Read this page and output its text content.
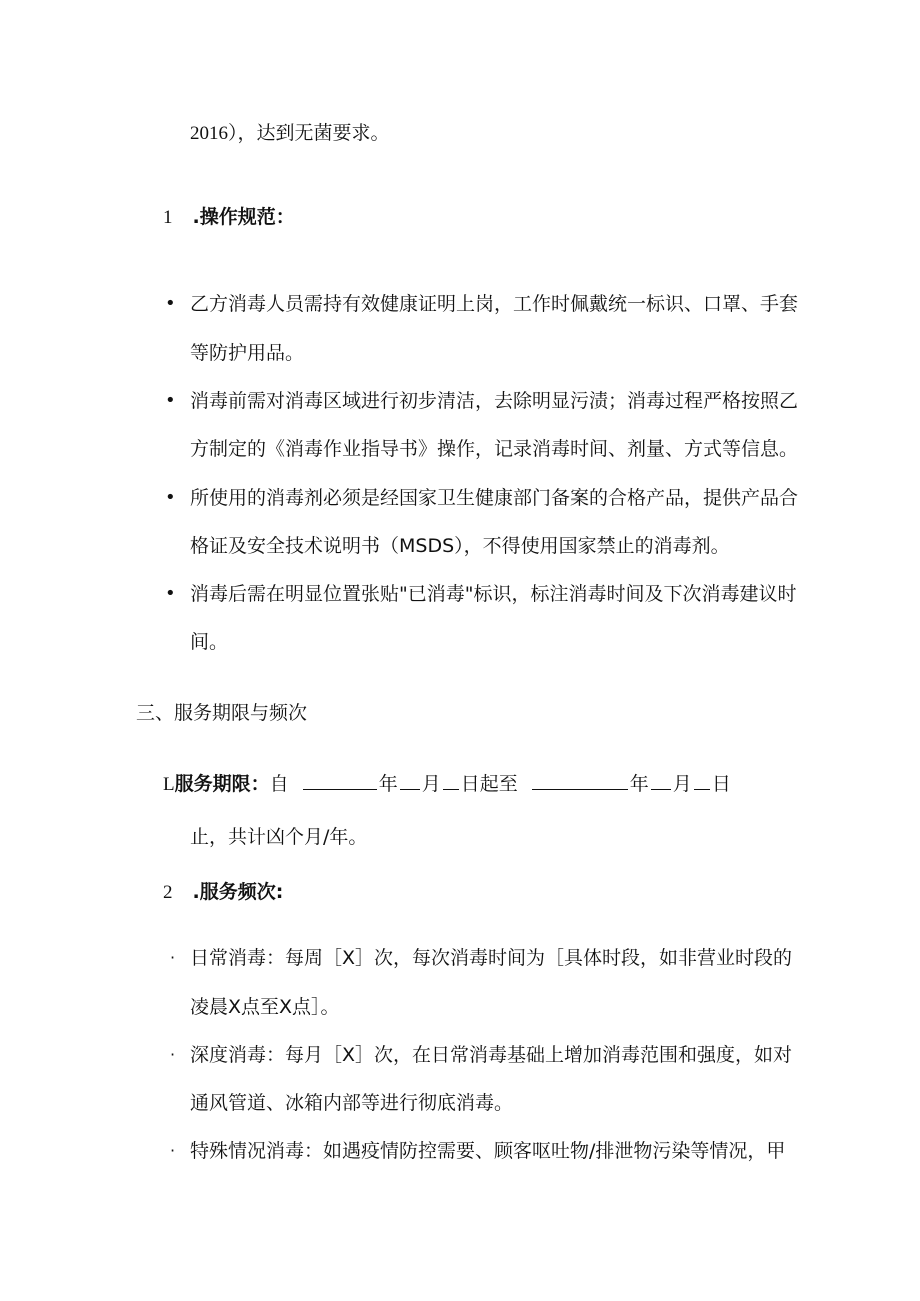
2016），达到无菌要求。
1 .操作规范：
• 乙方消毒人员需持有效健康证明上岗，工作时佩戴统一标识、口罩、手套
等防护用品。
• 消毒前需对消毒区域进行初步清洁，去除明显污渍；消毒过程严格按照乙
方制定的《消毒作业指导书》操作，记录消毒时间、剂量、方式等信息。
• 所使用的消毒剂必须是经国家卫生健康部门备案的合格产品，提供产品合
格证及安全技术说明书（MSDS），不得使用国家禁止的消毒剂。
• 消毒后需在明显位置张贴"已消毒"标识，标注消毒时间及下次消毒建议时
间。
三、服务期限与频次
L服务期限：自	年 月 日起至	年 月 日
止，共计凶个月/年。
2 .服务频次:
· 日常消毒：每周［X］次，每次消毒时间为［具体时段，如非营业时段的
凌晨X点至X点］。
· 深度消毒：每月［X］次，在日常消毒基础上增加消毒范围和强度，如对
通风管道、冰箱内部等进行彻底消毒。
· 特殊情况消毒：如遇疫情防控需要、顾客呕吐物/排泄物污染等情况，甲
